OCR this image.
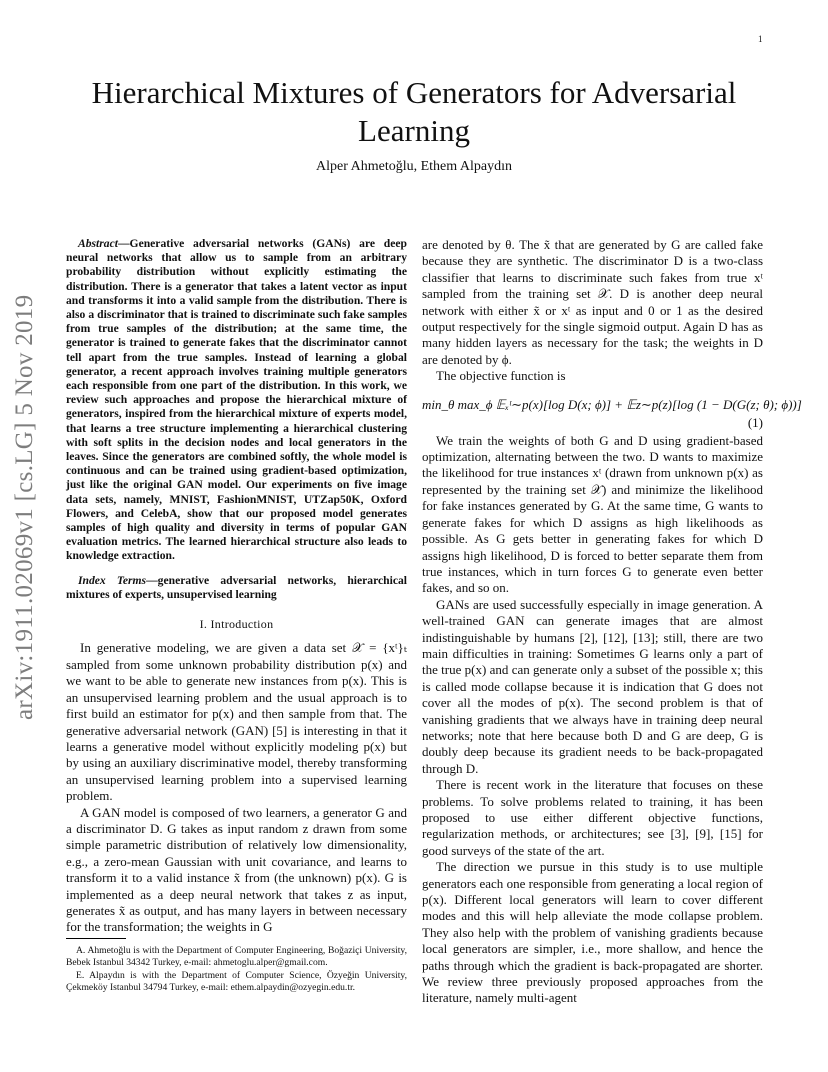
1
arXiv:1911.02069v1 [cs.LG] 5 Nov 2019
Hierarchical Mixtures of Generators for Adversarial Learning
Alper Ahmetoğlu, Ethem Alpaydın

Abstract—Generative adversarial networks (GANs) are deep neural networks that allow us to sample from an arbitrary probability distribution without explicitly estimating the distribution. There is a generator that takes a latent vector as input and transforms it into a valid sample from the distribution. There is also a discriminator that is trained to discriminate such fake samples from true samples of the distribution; at the same time, the generator is trained to generate fakes that the discriminator cannot tell apart from the true samples. Instead of learning a global generator, a recent approach involves training multiple generators each responsible from one part of the distribution. In this work, we review such approaches and propose the hierarchical mixture of generators, inspired from the hierarchical mixture of experts model, that learns a tree structure implementing a hierarchical clustering with soft splits in the decision nodes and local generators in the leaves. Since the generators are combined softly, the whole model is continuous and can be trained using gradient-based optimization, just like the original GAN model. Our experiments on five image data sets, namely, MNIST, FashionMNIST, UTZap50K, Oxford Flowers, and CelebA, show that our proposed model generates samples of high quality and diversity in terms of popular GAN evaluation metrics. The learned hierarchical structure also leads to knowledge extraction.

Index Terms—generative adversarial networks, hierarchical mixtures of experts, unsupervised learning

I. Introduction

In generative modeling, we are given a data set 𝒳 = {xᵗ}ₜ sampled from some unknown probability distribution p(x) and we want to be able to generate new instances from p(x). This is an unsupervised learning problem and the usual approach is to first build an estimator for p(x) and then sample from that. The generative adversarial network (GAN) [5] is interesting in that it learns a generative model without explicitly modeling p(x) but by using an auxiliary discriminative model, thereby transforming an unsupervised learning problem into a supervised learning problem.

A GAN model is composed of two learners, a generator G and a discriminator D. G takes as input random z drawn from some simple parametric distribution of relatively low dimensionality, e.g., a zero-mean Gaussian with unit covariance, and learns to transform it to a valid instance x̃ from (the unknown) p(x). G is implemented as a deep neural network that takes z as input, generates x̃ as output, and has many layers in between necessary for the transformation; the weights in G

are denoted by θ. The x̃ that are generated by G are called fake because they are synthetic. The discriminator D is a two-class classifier that learns to discriminate such fakes from true xᵗ sampled from the training set 𝒳. D is another deep neural network with either x̃ or xᵗ as input and 0 or 1 as the desired output respectively for the single sigmoid output. Again D has as many hidden layers as necessary for the task; the weights in D are denoted by ϕ.

The objective function is

min_θ max_ϕ 𝔼ₓᵗ∼p(x)[log D(x; ϕ)] + 𝔼z∼p(z)[log (1 − D(G(z; θ); ϕ))]
(1)

We train the weights of both G and D using gradient-based optimization, alternating between the two. D wants to maximize the likelihood for true instances xᵗ (drawn from unknown p(x) as represented by the training set 𝒳) and minimize the likelihood for fake instances generated by G. At the same time, G wants to generate fakes for which D assigns as high likelihoods as possible. As G gets better in generating fakes for which D assigns high likelihood, D is forced to better separate them from true instances, which in turn forces G to generate even better fakes, and so on.

GANs are used successfully especially in image generation. A well-trained GAN can generate images that are almost indistinguishable by humans [2], [12], [13]; still, there are two main difficulties in training: Sometimes G learns only a part of the true p(x) and can generate only a subset of the possible x; this is called mode collapse because it is indication that G does not cover all the modes of p(x). The second problem is that of vanishing gradients that we always have in training deep neural networks; note that here because both D and G are deep, G is doubly deep because its gradient needs to be back-propagated through D.

There is recent work in the literature that focuses on these problems. To solve problems related to training, it has been proposed to use either different objective functions, regularization methods, or architectures; see [3], [9], [15] for good surveys of the state of the art.

The direction we pursue in this study is to use multiple generators each one responsible from generating a local region of p(x). Different local generators will learn to cover different modes and this will help alleviate the mode collapse problem. They also help with the problem of vanishing gradients because local generators are simpler, i.e., more shallow, and hence the paths through which the gradient is back-propagated are shorter. We review three previously proposed approaches from the literature, namely multi-agent

A. Ahmetoğlu is with the Department of Computer Engineering, Boğaziçi University, Bebek Istanbul 34342 Turkey, e-mail: ahmetoglu.alper@gmail.com.

E. Alpaydın is with the Department of Computer Science, Özyeğin University, Çekmeköy Istanbul 34794 Turkey, e-mail: ethem.alpaydin@ozyegin.edu.tr.
